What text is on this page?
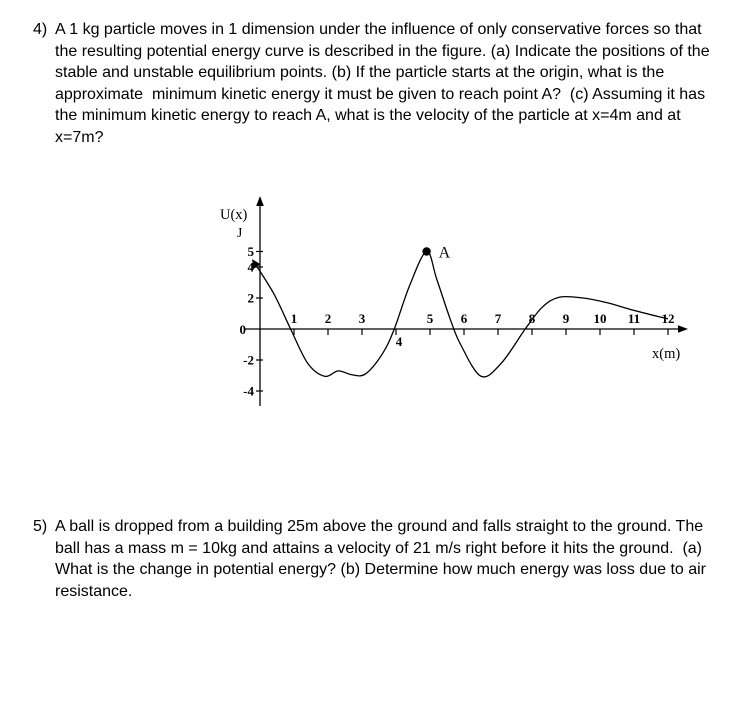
4) A 1 kg particle moves in 1 dimension under the influence of only conservative forces so that the resulting potential energy curve is described in the figure. (a) Indicate the positions of the stable and unstable equilibrium points. (b) If the particle starts at the origin, what is the approximate  minimum kinetic energy it must be given to reach point A?  (c) Assuming it has the minimum kinetic energy to reach A, what is the velocity of the particle at x=4m and at x=7m?
U(x)
J
x(m)
0
1 2 3
4
5 6 7 8 9 10 11 12
5
4
2
-2
-4
A
5) A ball is dropped from a building 25m above the ground and falls straight to the ground. The ball has a mass m = 10kg and attains a velocity of 21 m/s right before it hits the ground.  (a) What is the change in potential energy? (b) Determine how much energy was loss due to air resistance.
